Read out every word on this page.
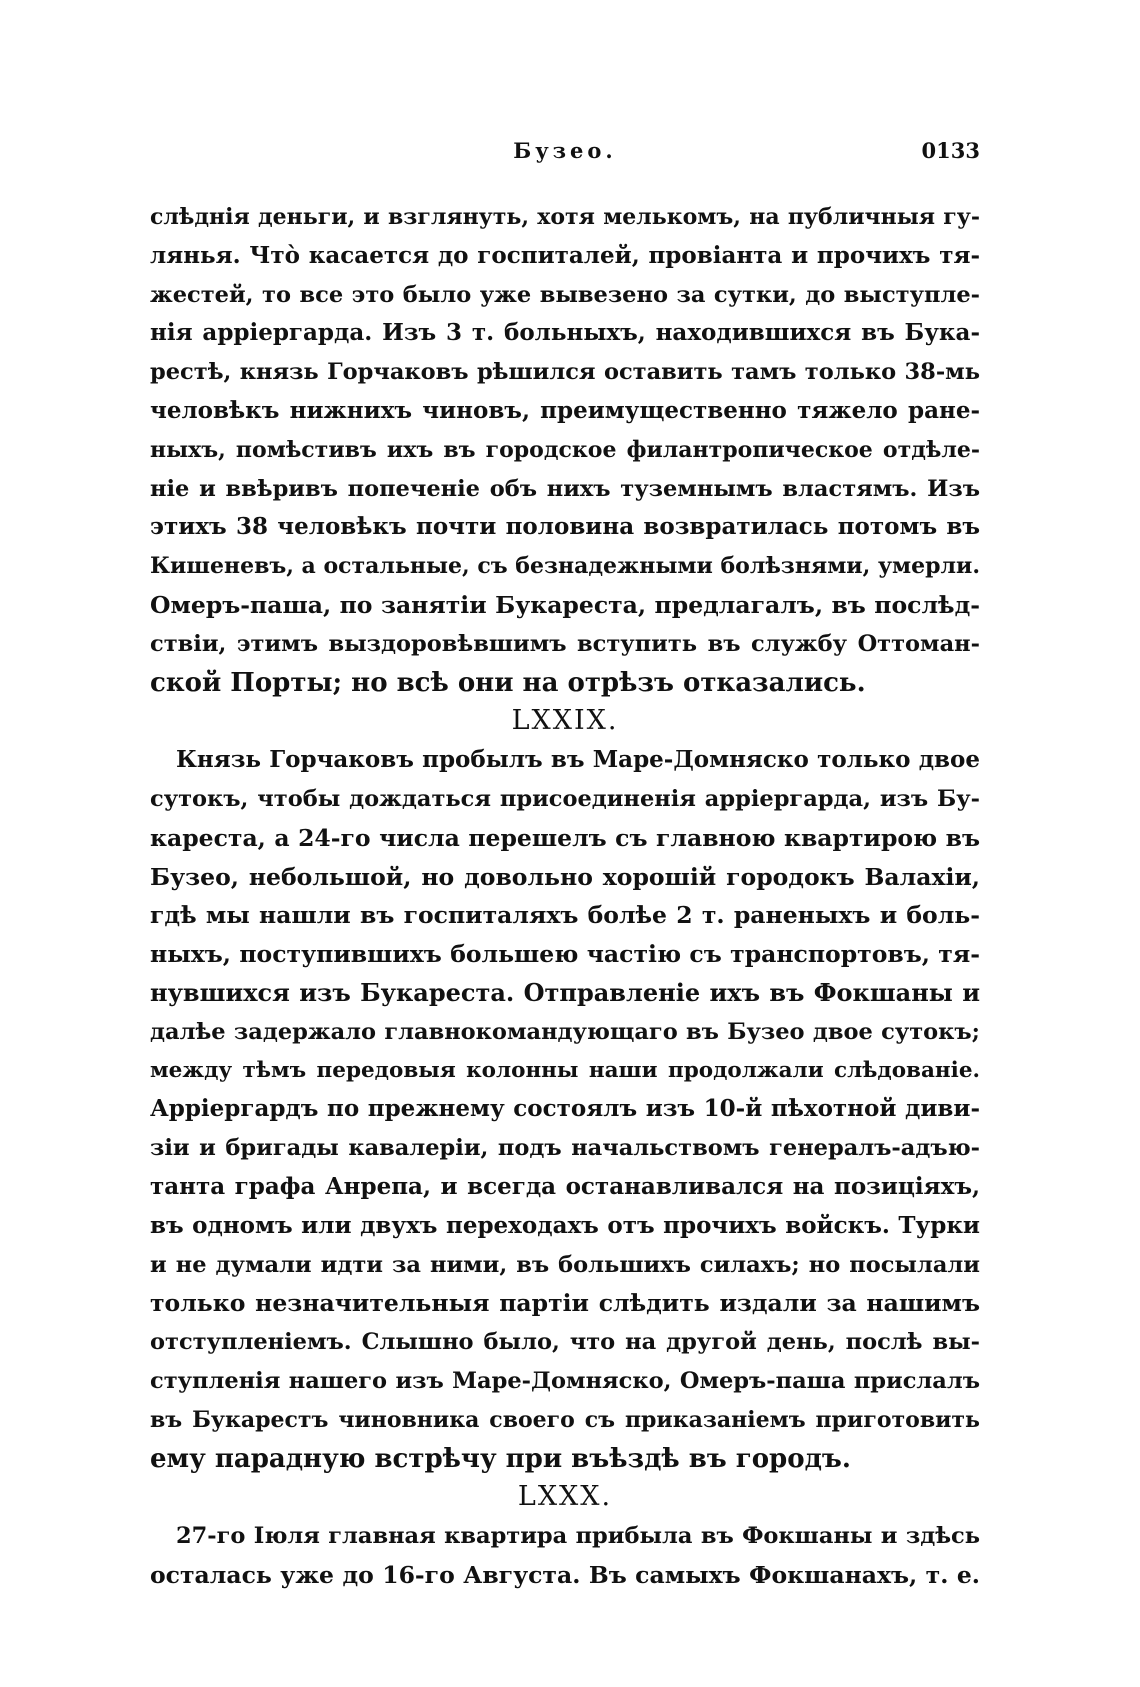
Бузео.	0133
слѣднія деньги, и взглянуть, хотя мелькомъ, на публичныя гу-
лянья. Чтò касается до госпиталей, провіанта и прочихъ тя-
жестей, то все это было уже вывезено за сутки, до выступле-
нія арріергарда. Изъ 3 т. больныхъ, находившихся въ Бука-
рестѣ, князь Горчаковъ рѣшился оставить тамъ только 38-мь
человѣкъ нижнихъ чиновъ, преимущественно тяжело ране-
ныхъ, помѣстивъ ихъ въ городское филантропическое отдѣле-
ніе и ввѣривъ попеченіе объ нихъ туземнымъ властямъ. Изъ
этихъ 38 человѣкъ почти половина возвратилась потомъ въ
Кишеневъ, а остальные, съ безнадежными болѣзнями, умерли.
Омеръ-паша, по занятіи Букареста, предлагалъ, въ послѣд-
ствіи, этимъ выздоровѣвшимъ вступить въ службу Оттоман-
ской Порты; но всѣ они на отрѣзъ отказались.
LXXIX.
Князь Горчаковъ пробылъ въ Маре-Домняско только двое
сутокъ, чтобы дождаться присоединенія арріергарда, изъ Бу-
кареста, а 24-го числа перешелъ съ главною квартирою въ
Бузео, небольшой, но довольно хорошій городокъ Валахіи,
гдѣ мы нашли въ госпиталяхъ болѣе 2 т. раненыхъ и боль-
ныхъ, поступившихъ большею частію съ транспортовъ, тя-
нувшихся изъ Букареста. Отправленіе ихъ въ Фокшаны и
далѣе задержало главнокомандующаго въ Бузео двое сутокъ;
между тѣмъ передовыя колонны наши продолжали слѣдованіе.
Арріергардъ по прежнему состоялъ изъ 10-й пѣхотной диви-
зіи и бригады кавалеріи, подъ начальствомъ генералъ-адъю-
танта графа Анрепа, и всегда останавливался на позиціяхъ,
въ одномъ или двухъ переходахъ отъ прочихъ войскъ. Турки
и не думали идти за ними, въ большихъ силахъ; но посылали
только незначительныя партіи слѣдить издали за нашимъ
отступленіемъ. Слышно было, что на другой день, послѣ вы-
ступленія нашего изъ Маре-Домняско, Омеръ-паша прислалъ
въ Букарестъ чиновника своего съ приказаніемъ приготовить
ему парадную встрѣчу при въѣздѣ въ городъ.
LXXX.
27-го Іюля главная квартира прибыла въ Фокшаны и здѣсь
осталась уже до 16-го Августа. Въ самыхъ Фокшанахъ, т. е.
